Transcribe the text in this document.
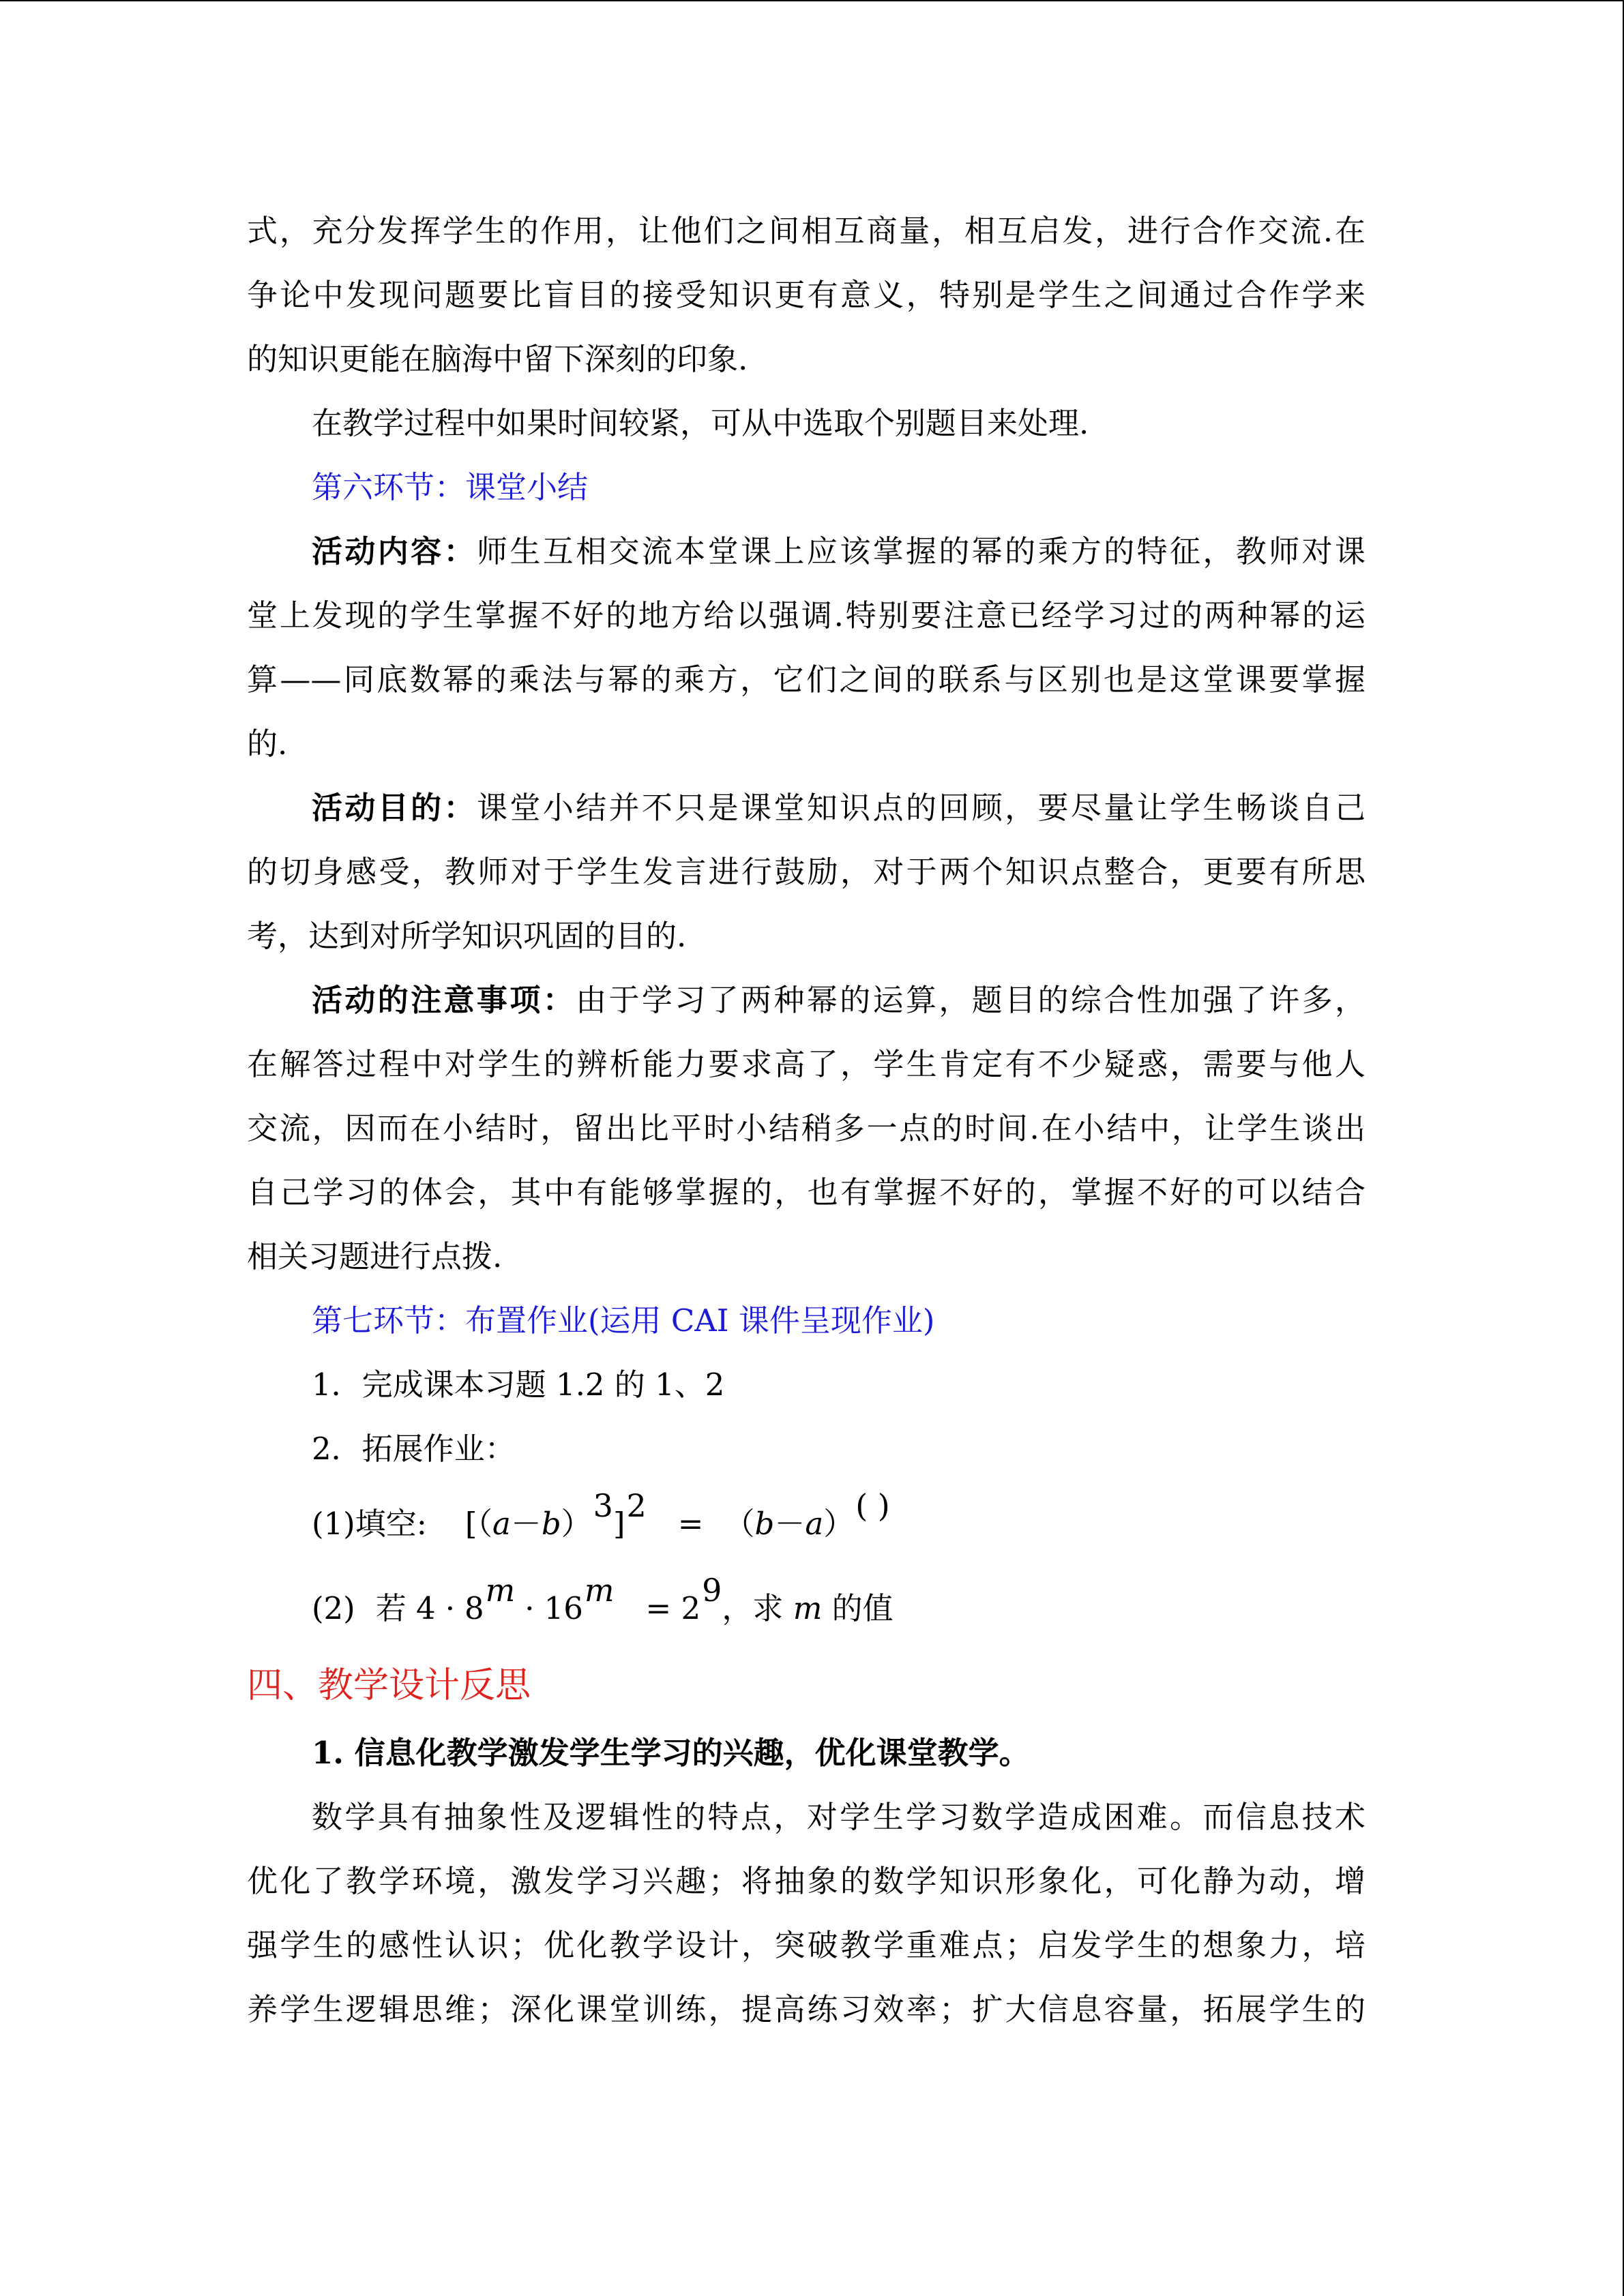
式，充分发挥学生的作用，让他们之间相互商量，相互启发，进行合作交流.在
争论中发现问题要比盲目的接受知识更有意义，特别是学生之间通过合作学来
的知识更能在脑海中留下深刻的印象.
在教学过程中如果时间较紧，可从中选取个别题目来处理.
第六环节：课堂小结
活动内容：师生互相交流本堂课上应该掌握的幂的乘方的特征，教师对课
堂上发现的学生掌握不好的地方给以强调.特别要注意已经学习过的两种幂的运
算——同底数幂的乘法与幂的乘方，它们之间的联系与区别也是这堂课要掌握
的.
活动目的：课堂小结并不只是课堂知识点的回顾，要尽量让学生畅谈自己
的切身感受，教师对于学生发言进行鼓励，对于两个知识点整合，更要有所思
考，达到对所学知识巩固的目的.
活动的注意事项：由于学习了两种幂的运算，题目的综合性加强了许多，
在解答过程中对学生的辨析能力要求高了，学生肯定有不少疑惑，需要与他人
交流，因而在小结时，留出比平时小结稍多一点的时间.在小结中，让学生谈出
自己学习的体会，其中有能够掌握的，也有掌握不好的，掌握不好的可以结合
相关习题进行点拨.
第七环节：布置作业(运用 CAI 课件呈现作业)
1．完成课本习题 1.2 的 1、2
2．拓展作业：
(1)填空: [（a－b）3]2 = （b－a）( )
(2) 若 4 · 8m · 16m = 29，求 m 的值
四、教学设计反思
1. 信息化教学激发学生学习的兴趣，优化课堂教学。
数学具有抽象性及逻辑性的特点，对学生学习数学造成困难。而信息技术
优化了教学环境，激发学习兴趣；将抽象的数学知识形象化，可化静为动，增
强学生的感性认识；优化教学设计，突破教学重难点；启发学生的想象力，培
养学生逻辑思维；深化课堂训练，提高练习效率；扩大信息容量，拓展学生的
